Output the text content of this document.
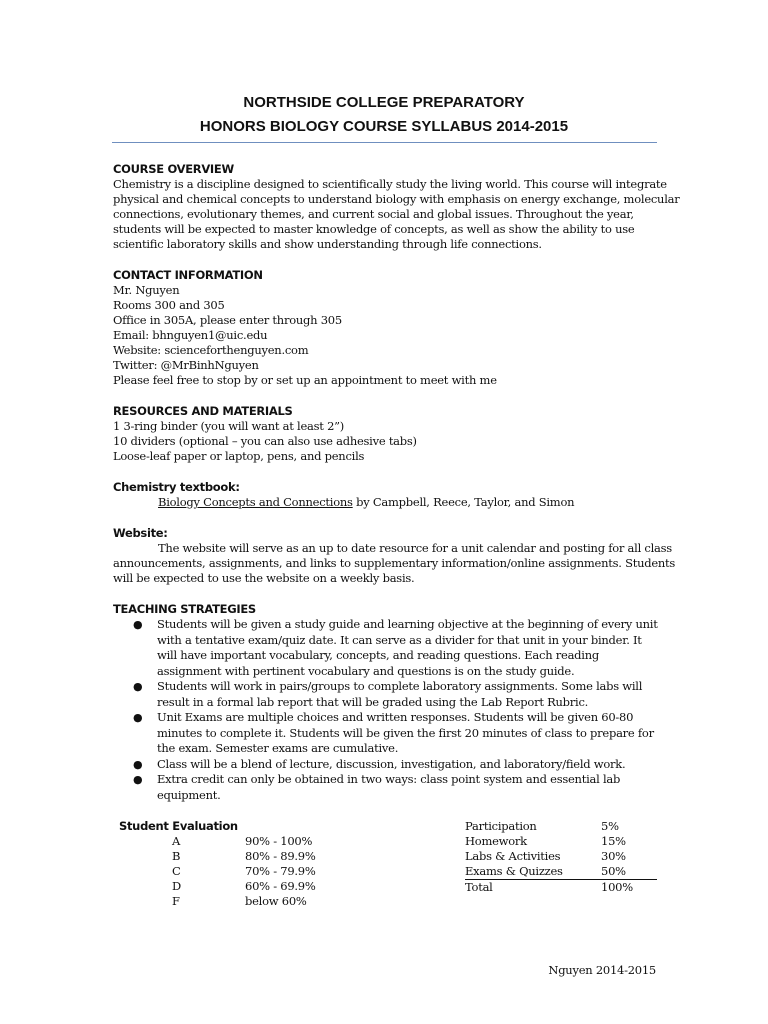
NORTHSIDE COLLEGE PREPARATORY
HONORS BIOLOGY COURSE SYLLABUS 2014-2015
COURSE OVERVIEW
Chemistry is a discipline designed to scientifically study the living world. This course will integrate
physical and chemical concepts to understand biology with emphasis on energy exchange, molecular
connections, evolutionary themes, and current social and global issues. Throughout the year,
students will be expected to master knowledge of concepts, as well as show the ability to use
scientific laboratory skills and show understanding through life connections.
CONTACT INFORMATION
Mr. Nguyen
Rooms 300 and 305
Office in 305A, please enter through 305
Email: bhnguyen1@uic.edu
Website: scienceforthenguyen.com
Twitter: @MrBinhNguyen
Please feel free to stop by or set up an appointment to meet with me
RESOURCES AND MATERIALS
1 3-ring binder (you will want at least 2”)
10 dividers (optional – you can also use adhesive tabs)
Loose-leaf paper or laptop, pens, and pencils
Chemistry textbook:
Biology Concepts and Connections by Campbell, Reece, Taylor, and Simon
Website:
The website will serve as an up to date resource for a unit calendar and posting for all class
announcements, assignments, and links to supplementary information/online assignments. Students
will be expected to use the website on a weekly basis.
TEACHING STRATEGIES
● Students will be given a study guide and learning objective at the beginning of every unit with a tentative exam/quiz date. It can serve as a divider for that unit in your binder. It will have important vocabulary, concepts, and reading questions. Each reading assignment with pertinent vocabulary and questions is on the study guide.
● Students will work in pairs/groups to complete laboratory assignments. Some labs will result in a formal lab report that will be graded using the Lab Report Rubric.
● Unit Exams are multiple choices and written responses. Students will be given 60-80 minutes to complete it. Students will be given the first 20 minutes of class to prepare for the exam. Semester exams are cumulative.
● Class will be a blend of lecture, discussion, investigation, and laboratory/field work.
● Extra credit can only be obtained in two ways: class point system and essential lab equipment.
Student Evaluation
A	90% - 100%
B	80% - 89.9%
C	70% - 79.9%
D	60% - 69.9%
F	below 60%
Participation	5%
Homework	15%
Labs & Activities	30%
Exams & Quizzes	50%
Total	100%
Nguyen 2014-2015
